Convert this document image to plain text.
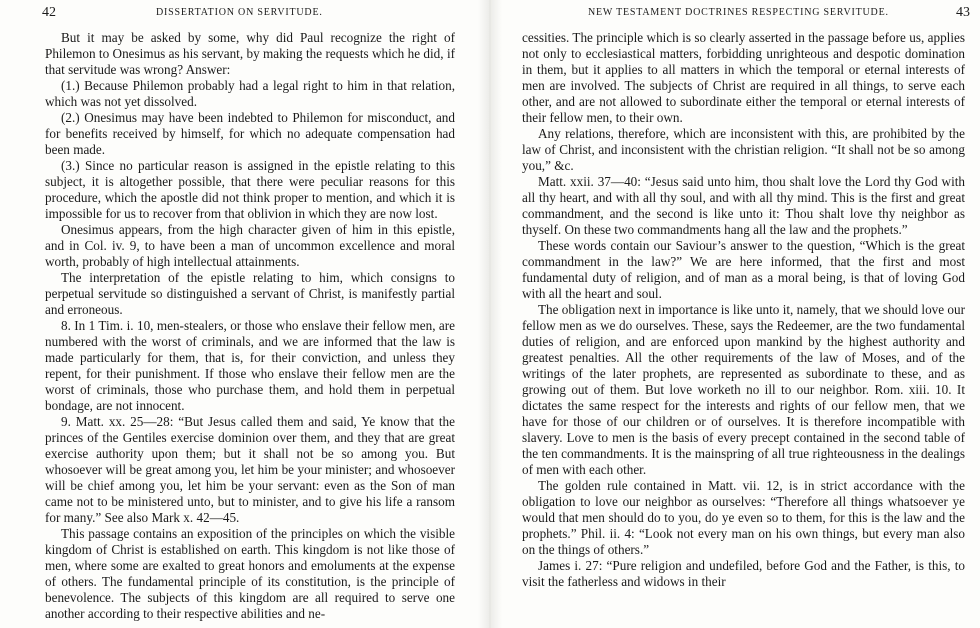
42	DISSERTATION ON SERVITUDE.

But it may be asked by some, why did Paul recognize the right of Philemon to Onesimus as his servant, by making the requests which he did, if that servitude was wrong? Answer:

(1.) Because Philemon probably had a legal right to him in that relation, which was not yet dissolved.

(2.) Onesimus may have been indebted to Philemon for misconduct, and for benefits received by himself, for which no adequate compensation had been made.

(3.) Since no particular reason is assigned in the epistle relating to this subject, it is altogether possible, that there were peculiar reasons for this procedure, which the apostle did not think proper to mention, and which it is impossible for us to recover from that oblivion in which they are now lost.

Onesimus appears, from the high character given of him in this epistle, and in Col. iv. 9, to have been a man of uncommon excellence and moral worth, probably of high intellectual attainments.

The interpretation of the epistle relating to him, which consigns to perpetual servitude so distinguished a servant of Christ, is manifestly partial and erroneous.

8. In 1 Tim. i. 10, men-stealers, or those who enslave their fellow men, are numbered with the worst of criminals, and we are informed that the law is made particularly for them, that is, for their conviction, and unless they repent, for their punishment. If those who enslave their fellow men are the worst of criminals, those who purchase them, and hold them in perpetual bondage, are not innocent.

9. Matt. xx. 25—28: “But Jesus called them and said, Ye know that the princes of the Gentiles exercise dominion over them, and they that are great exercise authority upon them; but it shall not be so among you. But whosoever will be great among you, let him be your minister; and whosoever will be chief among you, let him be your servant: even as the Son of man came not to be ministered unto, but to minister, and to give his life a ransom for many.” See also Mark x. 42—45.

This passage contains an exposition of the principles on which the visible kingdom of Christ is established on earth. This kingdom is not like those of men, where some are exalted to great honors and emoluments at the expense of others. The fundamental principle of its constitution, is the principle of benevolence. The subjects of this kingdom are all required to serve one another according to their respective abilities and ne-

NEW TESTAMENT DOCTRINES RESPECTING SERVITUDE.	43

cessities. The principle which is so clearly asserted in the passage before us, applies not only to ecclesiastical matters, forbidding unrighteous and despotic domination in them, but it applies to all matters in which the temporal or eternal interests of men are involved. The subjects of Christ are required in all things, to serve each other, and are not allowed to subordinate either the temporal or eternal interests of their fellow men, to their own.

Any relations, therefore, which are inconsistent with this, are prohibited by the law of Christ, and inconsistent with the christian religion. “It shall not be so among you,” &c.

Matt. xxii. 37—40: “Jesus said unto him, thou shalt love the Lord thy God with all thy heart, and with all thy soul, and with all thy mind. This is the first and great commandment, and the second is like unto it: Thou shalt love thy neighbor as thyself. On these two commandments hang all the law and the prophets.”

These words contain our Saviour’s answer to the question, “Which is the great commandment in the law?” We are here informed, that the first and most fundamental duty of religion, and of man as a moral being, is that of loving God with all the heart and soul.

The obligation next in importance is like unto it, namely, that we should love our fellow men as we do ourselves. These, says the Redeemer, are the two fundamental duties of religion, and are enforced upon mankind by the highest authority and greatest penalties. All the other requirements of the law of Moses, and of the writings of the later prophets, are represented as subordinate to these, and as growing out of them. But love worketh no ill to our neighbor. Rom. xiii. 10. It dictates the same respect for the interests and rights of our fellow men, that we have for those of our children or of ourselves. It is therefore incompatible with slavery. Love to men is the basis of every precept contained in the second table of the ten commandments. It is the mainspring of all true righteousness in the dealings of men with each other.

The golden rule contained in Matt. vii. 12, is in strict accordance with the obligation to love our neighbor as ourselves: “Therefore all things whatsoever ye would that men should do to you, do ye even so to them, for this is the law and the prophets.” Phil. ii. 4: “Look not every man on his own things, but every man also on the things of others.”

James i. 27: “Pure religion and undefiled, before God and the Father, is this, to visit the fatherless and widows in their
